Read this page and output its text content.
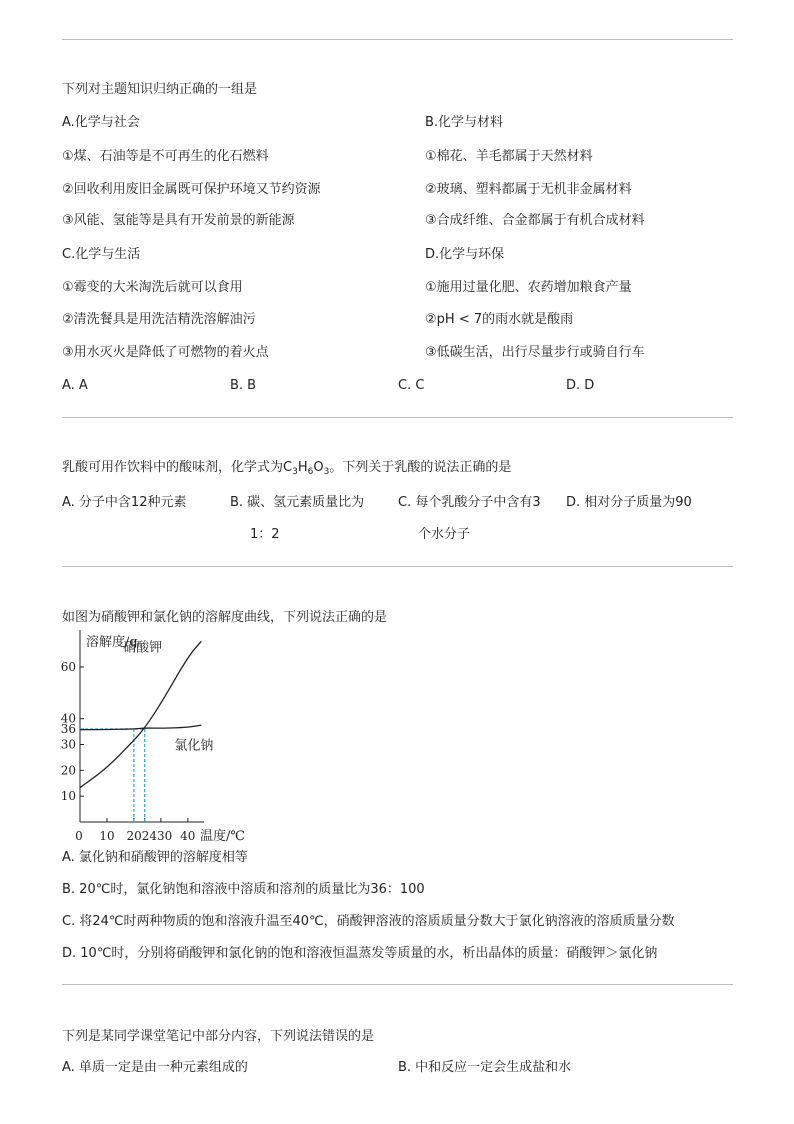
下列对主题知识归纳正确的一组是
A.化学与社会	B.化学与材料
①煤、石油等是不可再生的化石燃料	①棉花、羊毛都属于天然材料
②回收利用废旧金属既可保护环境又节约资源	②玻璃、塑料都属于无机非金属材料
③风能、氢能等是具有开发前景的新能源	③合成纤维、合金都属于有机合成材料
C.化学与生活	D.化学与环保
①霉变的大米淘洗后就可以食用	①施用过量化肥、农药增加粮食产量
②清洗餐具是用洗洁精洗溶解油污	②pH < 7的雨水就是酸雨
③用水灭火是降低了可燃物的着火点	③低碳生活，出行尽量步行或骑自行车
A. A	B. B	C. C	D. D
乳酸可用作饮料中的酸味剂，化学式为$C_3H_6O_3$。下列关于乳酸的说法正确的是
A. 分子中含12种元素	B. 碳、氢元素质量比为
1：2
C. 每个乳酸分子中含有3
个水分子
D. 相对分子质量为90
如图为硝酸钾和氯化钠的溶解度曲线，下列说法正确的是
10
20
30
36
40
60
0 10 202430 40
溶解度/g
温度/℃
硝酸钾
氯化钠
A. 氯化钠和硝酸钾的溶解度相等
B. 20℃时，氯化钠饱和溶液中溶质和溶剂的质量比为36：100
C. 将24℃时两种物质的饱和溶液升温至40℃，硝酸钾溶液的溶质质量分数大于氯化钠溶液的溶质质量分数
D. 10℃时，分别将硝酸钾和氯化钠的饱和溶液恒温蒸发等质量的水，析出晶体的质量：硝酸钾＞氯化钠
下列是某同学课堂笔记中部分内容，下列说法错误的是
A. 单质一定是由一种元素组成的	B. 中和反应一定会生成盐和水
